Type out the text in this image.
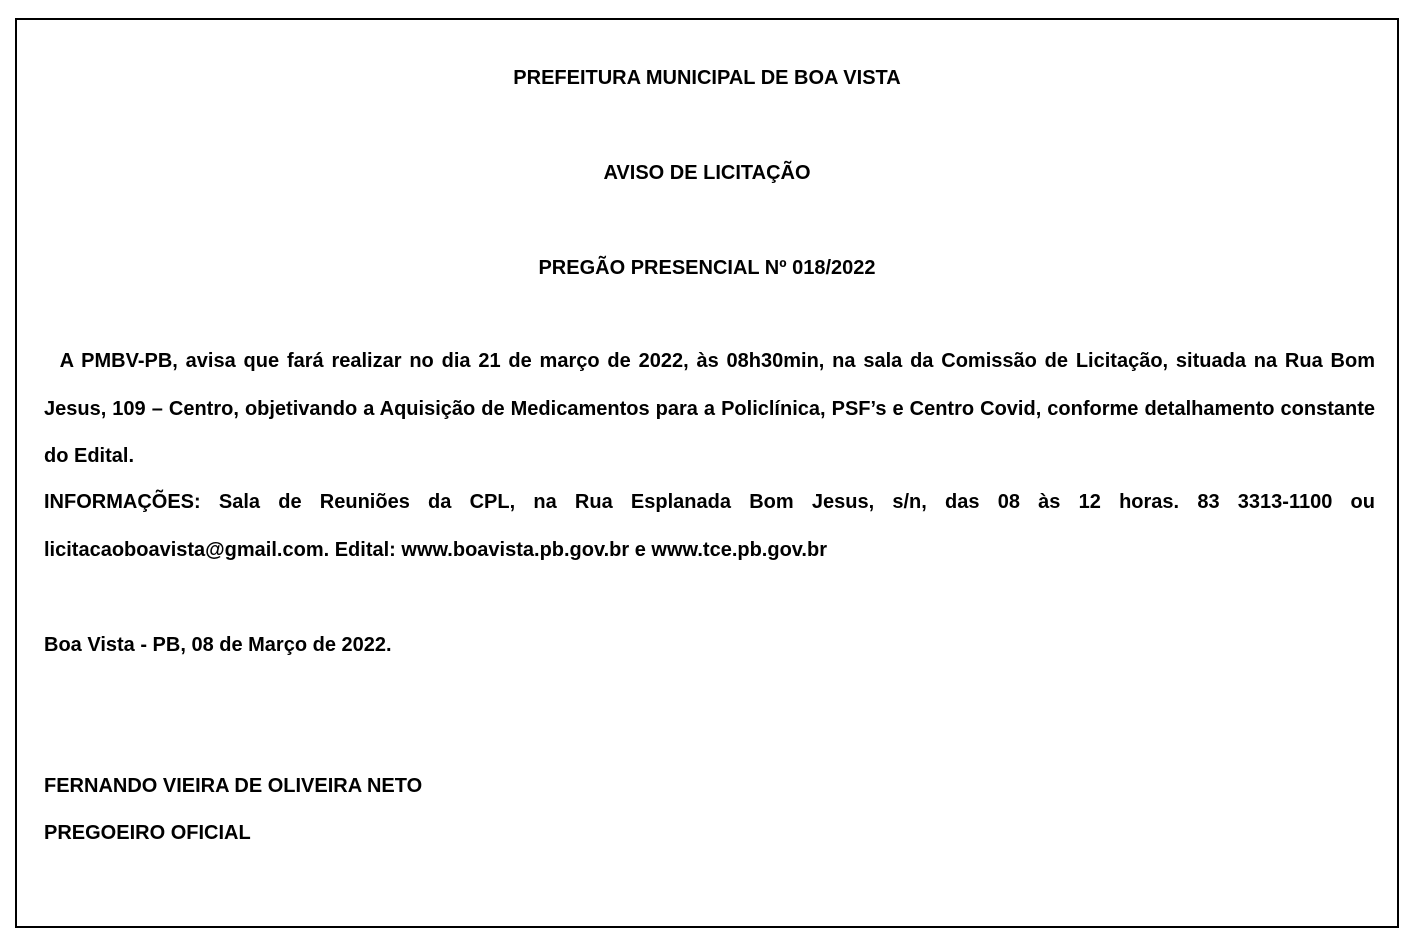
PREFEITURA MUNICIPAL DE BOA VISTA
AVISO DE LICITAÇÃO
PREGÃO PRESENCIAL Nº 018/2022
A PMBV-PB, avisa que fará realizar no dia 21 de março de 2022, às 08h30min, na sala da Comissão de Licitação, situada na Rua Bom Jesus, 109 – Centro, objetivando a Aquisição de Medicamentos para a Policlínica, PSF’s e Centro Covid, conforme detalhamento constante do Edital.
INFORMAÇÕES: Sala de Reuniões da CPL, na Rua Esplanada Bom Jesus, s/n, das 08 às 12 horas. 83 3313-1100 ou licitacaoboavista@gmail.com. Edital: www.boavista.pb.gov.br e www.tce.pb.gov.br
Boa Vista - PB, 08 de Março de 2022.
FERNANDO VIEIRA DE OLIVEIRA NETO
PREGOEIRO OFICIAL
